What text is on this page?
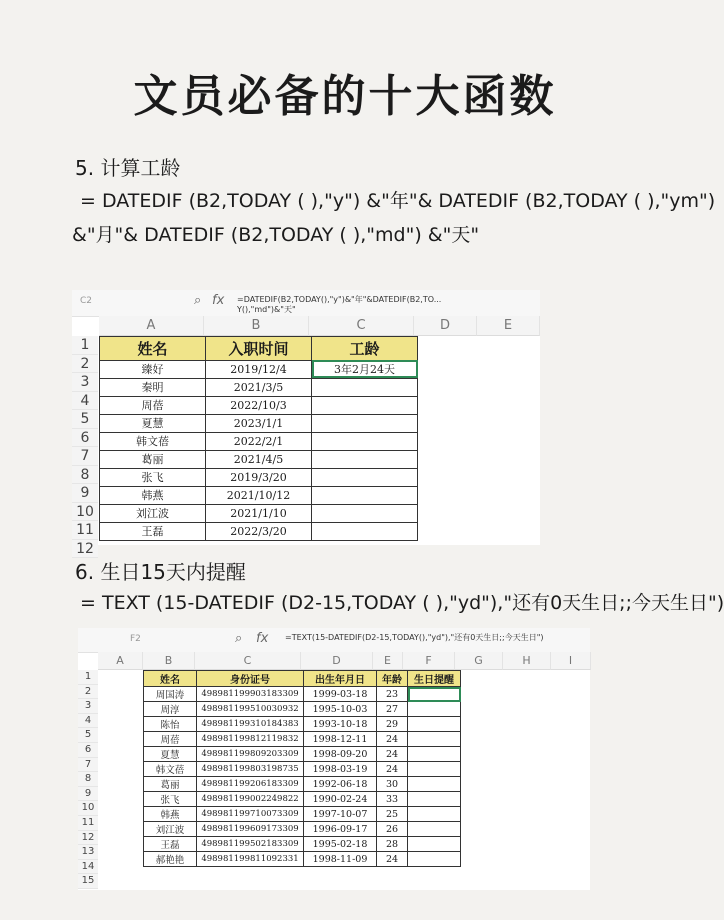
文员必备的十大函数
5. 计算工龄
= DATEDIF (B2,TODAY ( ),"y") &"年"& DATEDIF (B2,TODAY ( ),"ym")
&"月"& DATEDIF (B2,TODAY ( ),"md") &"天"
C2	⌕ fx =DATEDIF(B2,TODAY(),"y")&"年"&DATEDIF(B2,TO...
Y(),"md")&"天"
A	B	C	D	E
1
2
3
4
5
6
7
8
9
10
11
12
姓名	入职时间	工龄
臻好	2019/12/4	3年2月24天
秦明	2021/3/5	
周蓓	2022/10/3	
夏慧	2023/1/1	
韩文蓓	2022/2/1	
葛丽	2021/4/5	
张飞	2019/3/20	
韩燕	2021/10/12	
刘江波	2021/1/10	
王磊	2022/3/20	
6. 生日15天内提醒
= TEXT (15-DATEDIF (D2-15,TODAY ( ),"yd"),"还有0天生日;;今天生日")
F2	⌕ fx =TEXT(15-DATEDIF(D2-15,TODAY(),"yd"),"还有0天生日;;今天生日")
A	B	C	D	E	F	G	H	I
1
2
3
4
5
6
7
8
9
10
11
12
13
14
15
姓名	身份证号	出生年月日	年龄	生日提醒
周国涛	498981199903183309	1999-03-18	23	
周淳	498981199510030932	1995-10-03	27	
陈怡	498981199310184383	1993-10-18	29	
周蓓	498981199812119832	1998-12-11	24	
夏慧	498981199809203309	1998-09-20	24	
韩文蓓	498981199803198735	1998-03-19	24	
葛丽	498981199206183309	1992-06-18	30	
张飞	498981199002249822	1990-02-24	33	
韩燕	498981199710073309	1997-10-07	25	
刘江波	498981199609173309	1996-09-17	26	
王磊	498981199502183309	1995-02-18	28	
郝艳艳	498981199811092331	1998-11-09	24	
